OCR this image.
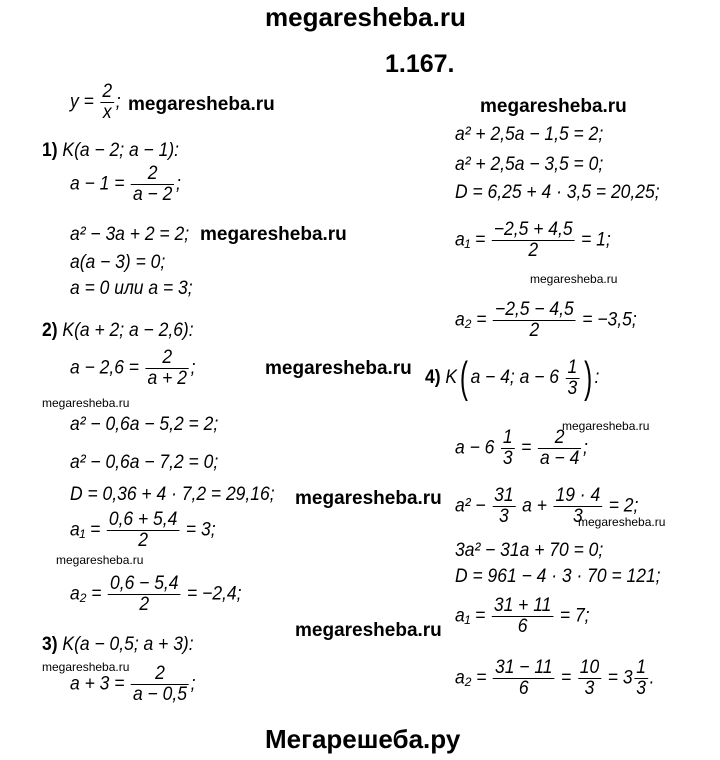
megaresheba.ru
1.167.
Мегарешеба.ру
megaresheba.ru	megaresheba.ru
megaresheba.ru
megaresheba.ru
megaresheba.ru
megaresheba.ru
megaresheba.ru
megaresheba.ru
megaresheba.ru
megaresheba.ru
megaresheba.ru
megaresheba.ru
$y = \frac{2}{x}$ ;
1) K(a − 2; a − 1):
$a - 1 = \frac{2}{a - 2}$ ;
a² − 3a + 2 = 2;
a(a − 3) = 0;
a = 0 или a = 3;
2) K(a + 2; a − 2,6):
$a - 2,6 = \frac{2}{a + 2}$ ;
a² − 0,6a − 5,2 = 2;
a² − 0,6a − 7,2 = 0;
D = 0,36 + 4 · 7,2 = 29,16;
$a_1 = \frac{0,6 + 5,4}{2} = 3$;
$a_2 = \frac{0,6 - 5,4}{2} = -2,4$;
3) K(a − 0,5; a + 3):
$a + 3 = \frac{2}{a - 0,5}$ ;
a² + 2,5a − 1,5 = 2;
a² + 2,5a − 3,5 = 0;
D = 6,25 + 4 · 3,5 = 20,25;
$a_1 = \frac{-2,5 + 4,5}{2} = 1$;
$a_2 = \frac{-2,5 - 4,5}{2} = -3,5$;
4) K( a − 4; $a - 6 \frac{1}{3}$ ) :
$a - 6 \frac{1}{3} = \frac{2}{a - 4}$ ;
$a^2 - \frac{31}{3}$ $a + \frac{19 \cdot 4}{3} = 2$;
3a² − 31a + 70 = 0;
D = 961 − 4 · 3 · 70 = 121;
$a_1 = \frac{31 + 11}{6} = 7$;
$a_2 = \frac{31 - 11}{6} = \frac{10}{3} = 3 \frac{1}{3}$ .
